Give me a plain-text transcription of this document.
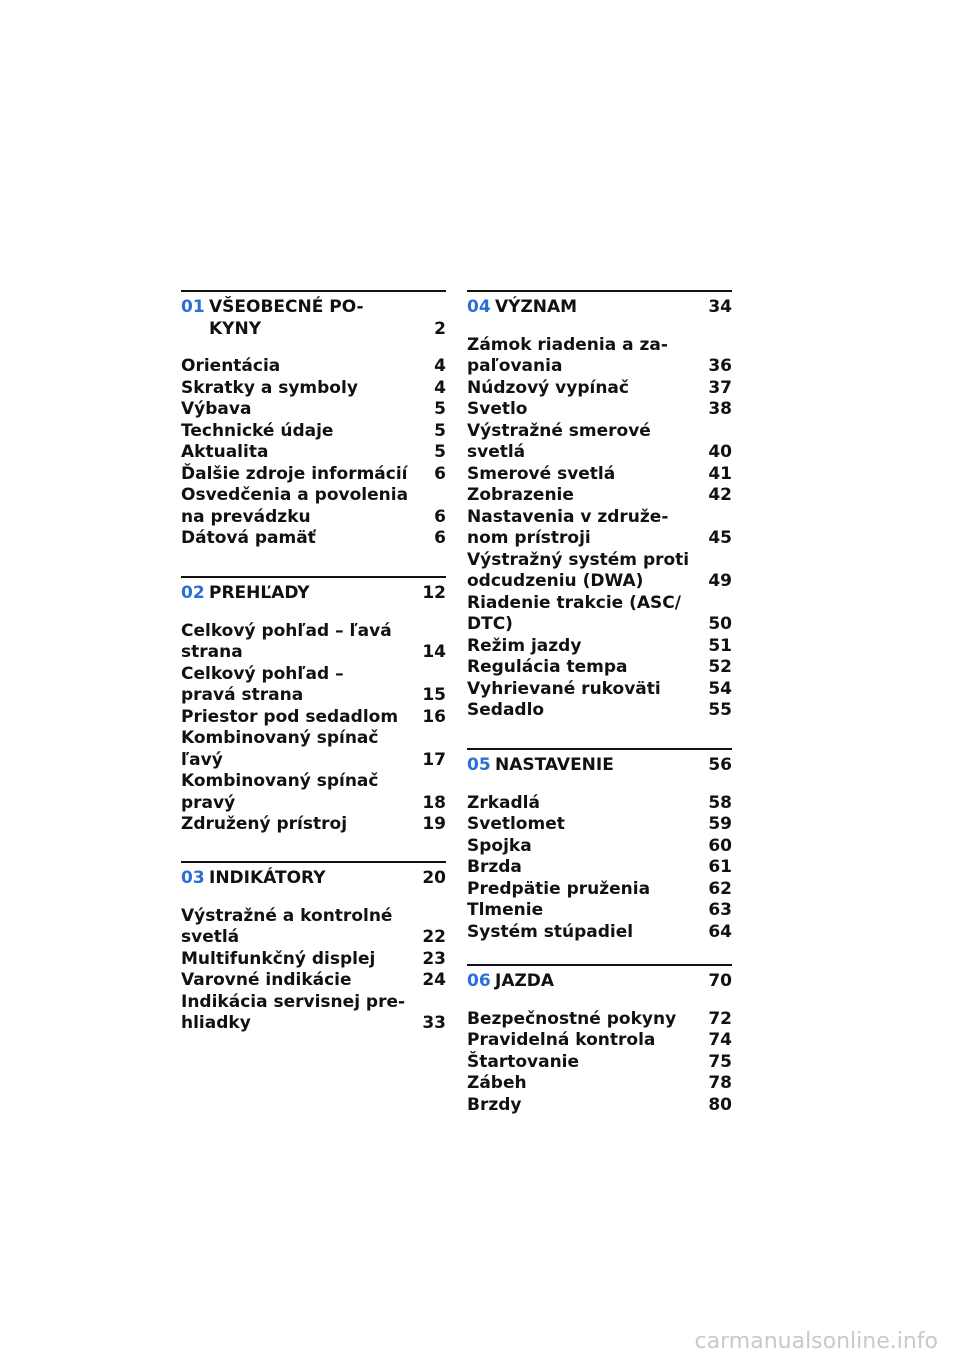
01 VŠEOBECNÉ PO-
KYNY	2
Orientácia	4
Skratky a symboly	4
Výbava	5
Technické údaje	5
Aktualita	5
Ďalšie zdroje informácií	6
Osvedčenia a povolenia
na prevádzku	6
Dátová pamäť	6
02 PREHĽADY	12
Celkový pohľad – ľavá
strana	14
Celkový pohľad –
pravá strana	15
Priestor pod sedadlom	16
Kombinovaný spínač
ľavý	17
Kombinovaný spínač
pravý	18
Združený prístroj	19
03 INDIKÁTORY	20
Výstražné a kontrolné
svetlá	22
Multifunkčný displej	23
Varovné indikácie	24
Indikácia servisnej pre-
hliadky	33
04 VÝZNAM	34
Zámok riadenia a za-
paľovania	36
Núdzový vypínač	37
Svetlo	38
Výstražné smerové
svetlá	40
Smerové svetlá	41
Zobrazenie	42
Nastavenia v združe-
nom prístroji	45
Výstražný systém proti
odcudzeniu (DWA)	49
Riadenie trakcie (ASC/
DTC)	50
Režim jazdy	51
Regulácia tempa	52
Vyhrievané rukoväti	54
Sedadlo	55
05 NASTAVENIE	56
Zrkadlá	58
Svetlomet	59
Spojka	60
Brzda	61
Predpätie pruženia	62
Tlmenie	63
Systém stúpadiel	64
06 JAZDA	70
Bezpečnostné pokyny	72
Pravidelná kontrola	74
Štartovanie	75
Zábeh	78
Brzdy	80
carmanualsonline.info
